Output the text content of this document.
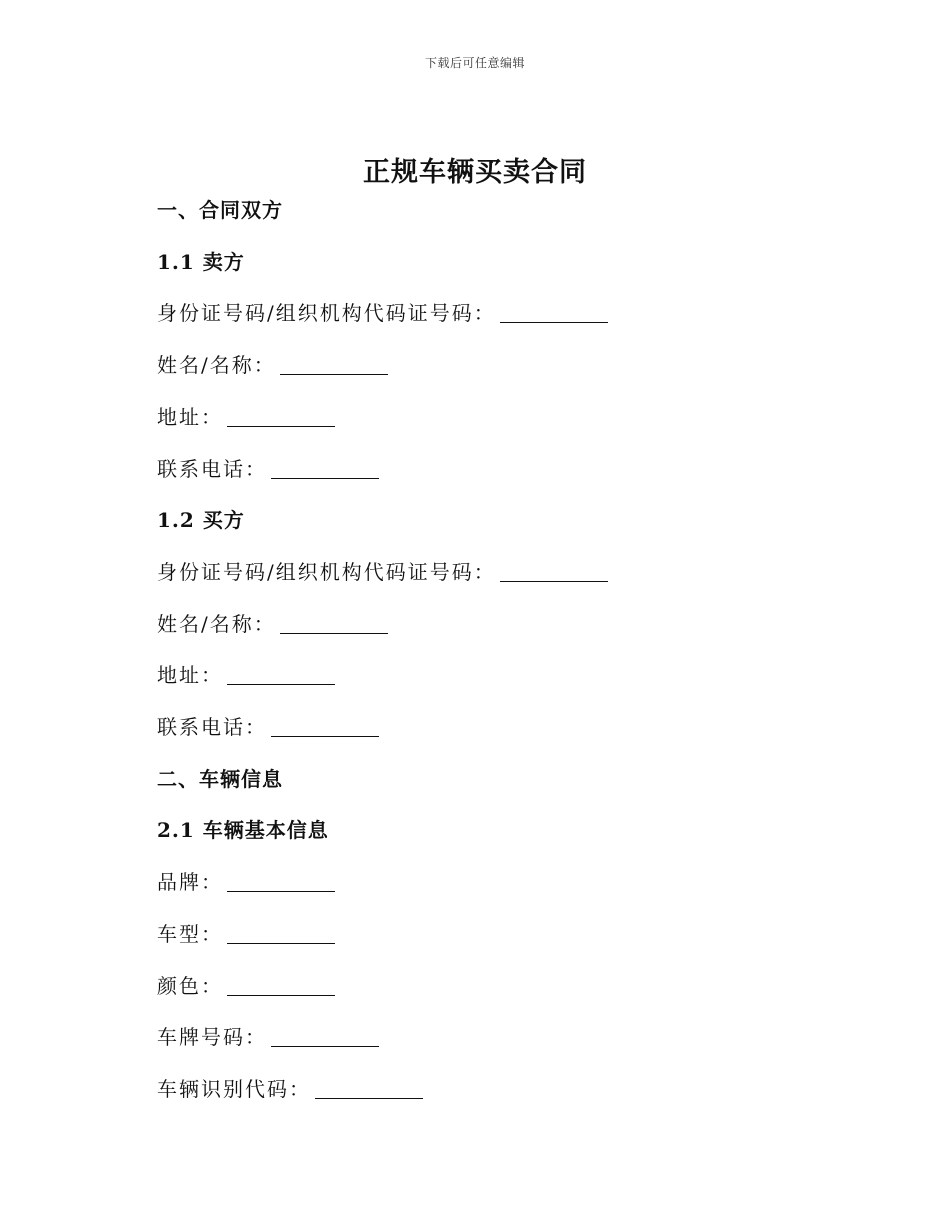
下载后可任意编辑
正规车辆买卖合同
一、合同双方
1.1 卖方
身份证号码/组织机构代码证号码：
姓名/名称：
地址：
联系电话：
1.2 买方
身份证号码/组织机构代码证号码：
姓名/名称：
地址：
联系电话：
二、车辆信息
2.1 车辆基本信息
品牌：
车型：
颜色：
车牌号码：
车辆识别代码：
